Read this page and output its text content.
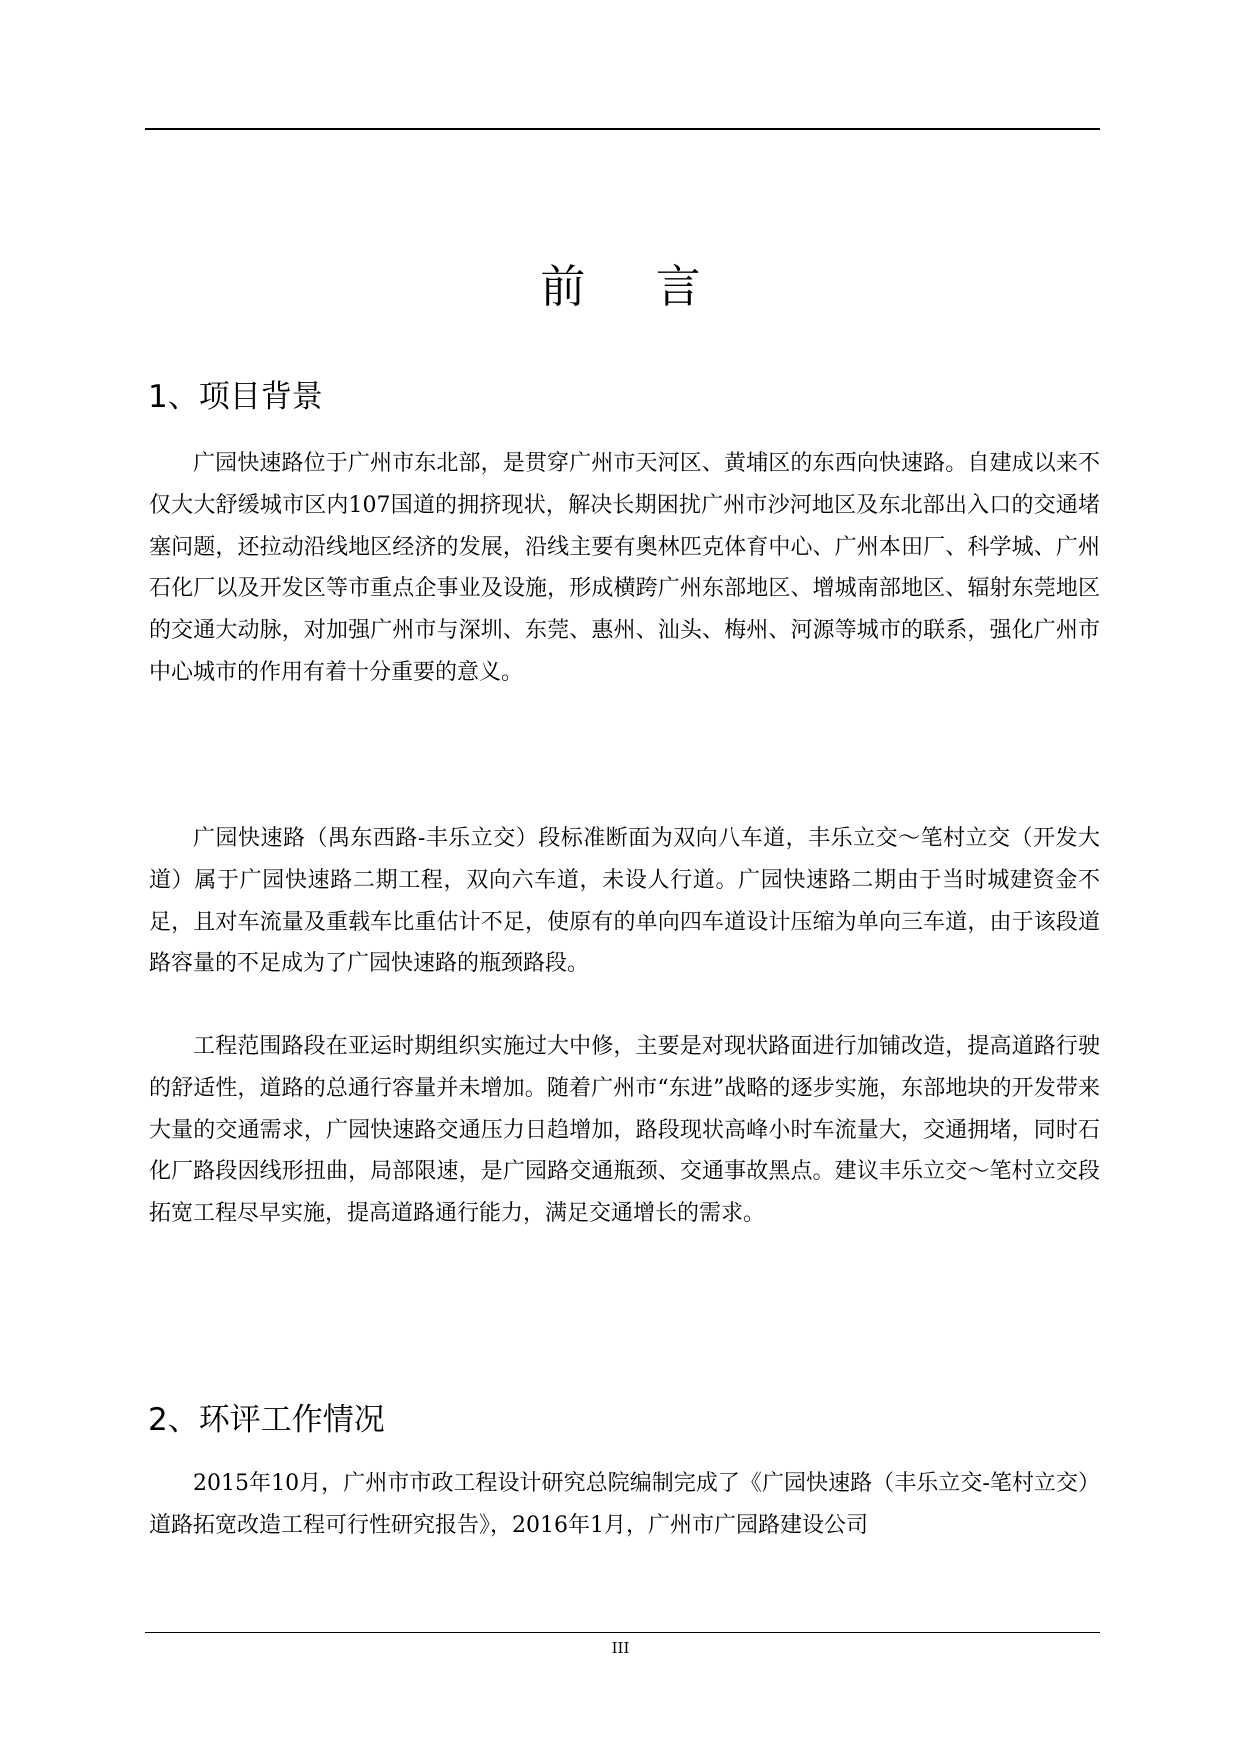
前 言
1、项目背景

广园快速路位于广州市东北部，是贯穿广州市天河区、黄埔区的东西向快速路。自建成以来不仅大大舒缓城市区内107国道的拥挤现状，解决长期困扰广州市沙河地区及东北部出入口的交通堵塞问题，还拉动沿线地区经济的发展，沿线主要有奥林匹克体育中心、广州本田厂、科学城、广州石化厂以及开发区等市重点企事业及设施，形成横跨广州东部地区、增城南部地区、辐射东莞地区的交通大动脉，对加强广州市与深圳、东莞、惠州、汕头、梅州、河源等城市的联系，强化广州市中心城市的作用有着十分重要的意义。

广园快速路（禺东西路-丰乐立交）段标准断面为双向八车道，丰乐立交～笔村立交（开发大道）属于广园快速路二期工程，双向六车道，未设人行道。广园快速路二期由于当时城建资金不足，且对车流量及重载车比重估计不足，使原有的单向四车道设计压缩为单向三车道，由于该段道路容量的不足成为了广园快速路的瓶颈路段。

工程范围路段在亚运时期组织实施过大中修，主要是对现状路面进行加铺改造，提高道路行驶的舒适性，道路的总通行容量并未增加。随着广州市“东进”战略的逐步实施，东部地块的开发带来大量的交通需求，广园快速路交通压力日趋增加，路段现状高峰小时车流量大，交通拥堵，同时石化厂路段因线形扭曲，局部限速，是广园路交通瓶颈、交通事故黑点。建议丰乐立交～笔村立交段拓宽工程尽早实施，提高道路通行能力，满足交通增长的需求。

2、环评工作情况

2015年10月，广州市市政工程设计研究总院编制完成了《广园快速路（丰乐立交-笔村立交）道路拓宽改造工程可行性研究报告》，2016年1月，广州市广园路建设公司

III
